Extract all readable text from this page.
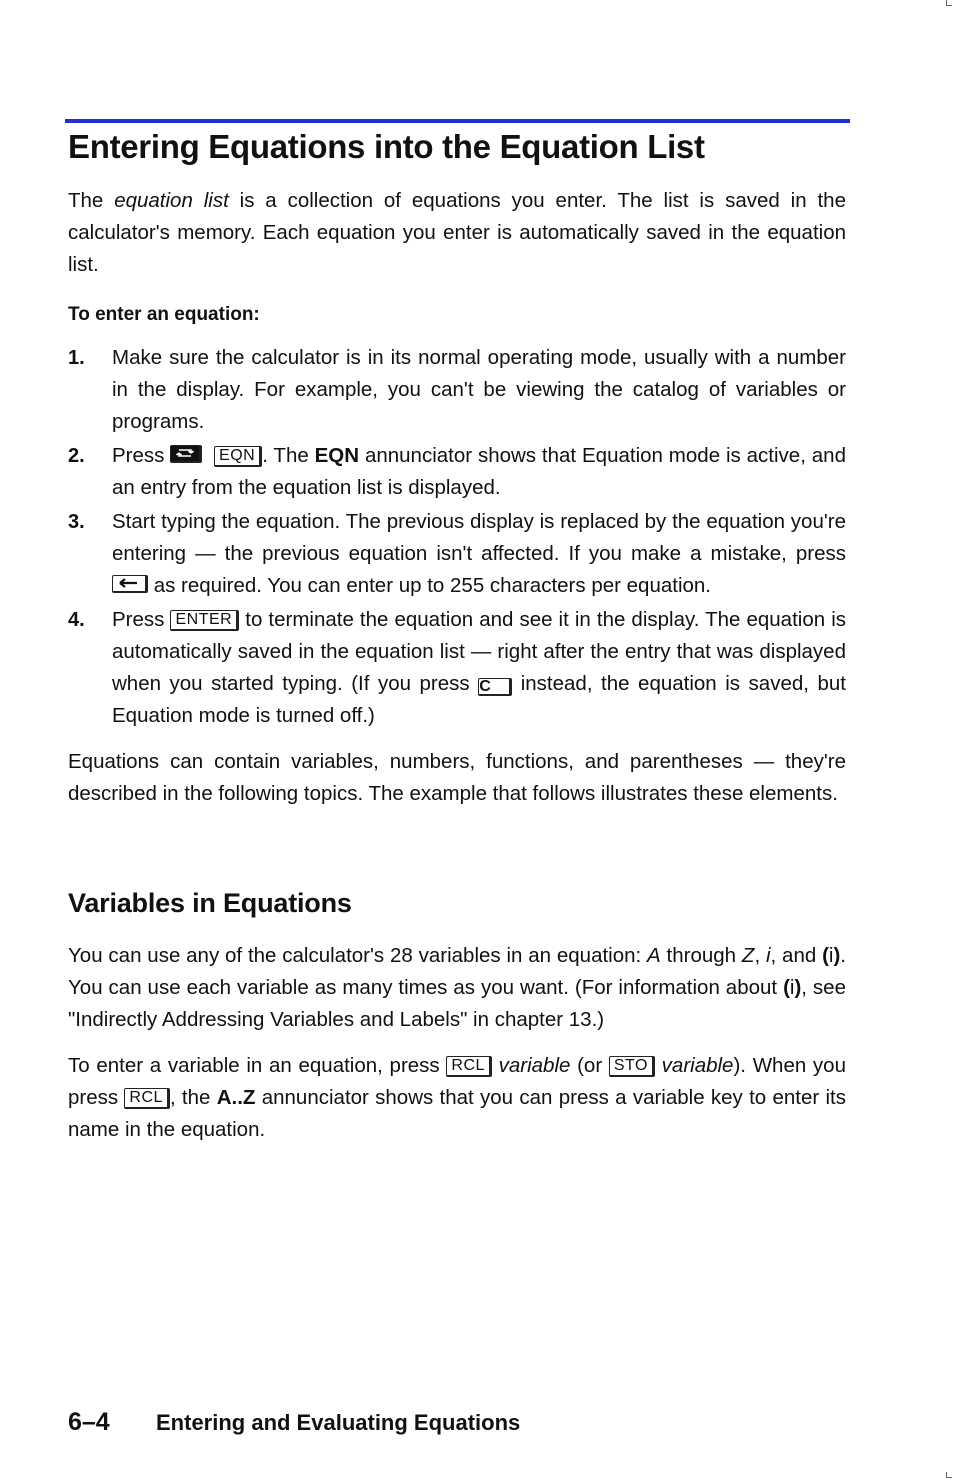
Entering Equations into the Equation List

The equation list is a collection of equations you enter. The list is saved in the calculator's memory. Each equation you enter is automatically saved in the equation list.

To enter an equation:
1. Make sure the calculator is in its normal operating mode, usually with a number in the display. For example, you can't be viewing the catalog of variables or programs.

2. Press	EQN . The EQN annunciator shows that Equation mode is active, and an entry from the equation list is displayed.

3. Start typing the equation. The previous display is replaced by the equation you're entering — the previous equation isn't affected. If you make a mistake, press
as required. You can enter up to 255 characters per equation.

4. Press ENTER to terminate the equation and see it in the display. The equation is automatically saved in the equation list — right after the entry that was displayed when you started typing. (If you press C instead, the equation is saved, but Equation mode is turned off.)

Equations can contain variables, numbers, functions, and parentheses — they're described in the following topics. The example that follows illustrates these elements.

Variables in Equations

You can use any of the calculator's 28 variables in an equation: A through Z, i, and (i). You can use each variable as many times as you want. (For information about (i), see "Indirectly Addressing Variables and Labels" in chapter 13.)

To enter a variable in an equation, press RCL variable (or STO variable). When you press RCL , the A..Z annunciator shows that you can press a variable key to enter its name in the equation.

6–4 Entering and Evaluating Equations
